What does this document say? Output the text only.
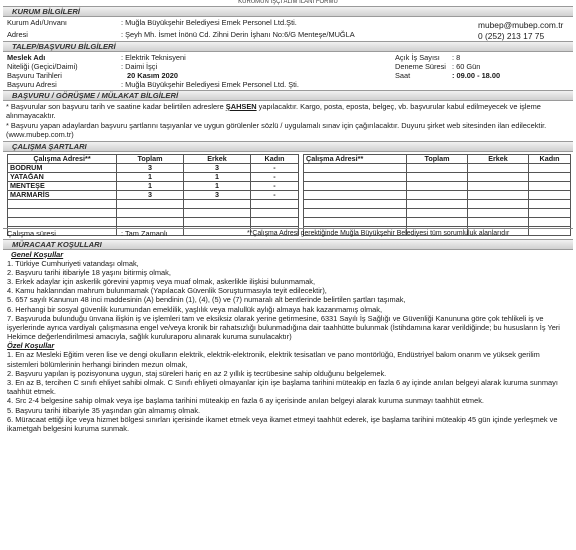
KURUMUN İŞÇİ ALIM İLANI FORMU
KURUM BİLGİLERİ
Kurum Adı/Unvanı	: Muğla Büyükşehir Belediyesi Emek Personel Ltd.Şti.
Adresi	: Şeyh Mh. İsmet İnönü Cd. Zihni Derin İşhanı No:6/G Menteşe/MUĞLA
mubep@mubep.com.tr
0 (252) 213 17 75
TALEP/BAŞVURU BİLGİLERİ
Meslek Adı	: Elektrik Teknisyeni	Açık İş Sayısı : 8
Niteliği (Geçici/Daimi)	: Daimi İşçi	Deneme Süresi : 60 Gün
Başvuru Tarihleri	20 Kasım 2020	Saat	: 09.00 - 18.00
Başvuru Adresi	: Muğla Büyükşehir Belediyesi Emek Personel Ltd. Şti.
BAŞVURU / GÖRÜŞME / MÜLAKAT BİLGİLERİ

* Başvurular son başvuru tarih ve saatine kadar belirtilen adreslere ŞAHSEN yapılacaktır. Kargo, posta, eposta, belgeç, vb. başvurular kabul edilmeyecek ve işleme alınmayacaktır.

* Başvuru yapan adaylardan başvuru şartlarını taşıyanlar ve uygun görülenler sözlü / uygulamalı sınav için çağırılacaktır. Duyuru şirket web sitesinden ilan edilecektir. (www.mubep.com.tr)

ÇALIŞMA ŞARTLARI
Çalışma Adresi**	Toplam	Erkek	Kadın
BODRUM	3	3	-
YATAĞAN	1	1	-
MENTEŞE	1	1	-
MARMARİS	3	3	-

Çalışma Adresi**	Toplam	Erkek	Kadın

Çalışma süresi	: Tam Zamanlı	**Çalışma Adresi gerektiğinde Muğla Büyükşehir Belediyesi tüm sorumluluk alanlarıdır
MÜRACAAT KOŞULLARI
Genel Koşullar
1. Türkiye Cumhuriyeti vatandaşı olmak,
2. Başvuru tarihi itibariyle 18 yaşını bitirmiş olmak,
3. Erkek adaylar için askerlik görevini yapmış veya muaf olmak, askerlikle ilişkisi bulunmamak,
4. Kamu haklarından mahrum bulunmamak (Yapılacak Güvenlik Soruşturmasıyla teyit edilecektir),
5. 657 sayılı Kanunun 48 inci maddesinin (A) bendinin (1), (4), (5) ve (7) numaralı alt bentlerinde belirtilen şartları taşımak,
6. Herhangi bir sosyal güvenlik kurumundan emeklilik, yaşlılık veya malullük aylığı almaya hak kazanmamış olmak,
7. Başvuruda bulunduğu ünvana ilişkin iş ve işlemleri tam ve eksiksiz olarak yerine getirmesine, 6331 Sayılı İş Sağlığı ve Güvenliği Kanununa göre çok tehlikeli iş ve işyerlerinde ayrıca vardiyalı çalışmasına engel ve/veya kronik bir rahatsızlığı bulunmadığına dair taahhütte bulunmak (İstihdamına karar verildiğinde; bu hususların İş Yeri Hekimce değerlendirilmesi amacıyla, sağlık kuruluraporu alınarak kuruma sunulacaktır)
Özel Koşullar
1. En az Mesleki Eğitim veren lise ve dengi okulların elektrik, elektrik-elektronik, elektrik tesisatları ve pano montörlüğü, Endüstriyel bakım onarım ve yüksek gerilim sistemleri bölümlerinin herhangi birinden mezun olmak,
2. Başvuru yapılan iş pozisyonuna uygun, staj süreleri hariç en az 2 yıllık iş tecrübesine sahip olduğunu belgelemek.
3. En az B, tercihen C sınıfı ehliyet sahibi olmak. C Sınıfı ehliyeti olmayanlar için işe başlama tarihini müteakip en fazla 6 ay içinde anılan belgeyi alarak kuruma sunmayı taahhüt etmek.
4. Src 2-4 belgesine sahip olmak veya işe başlama tarihini müteakip en fazla 6 ay içerisinde anılan belgeyi alarak kuruma sunmayı taahhüt etmek.
5. Başvuru tarihi itibariyle 35 yaşından gün almamış olmak.
6. Müracaat ettiği ilçe veya hizmet bölgesi sınırları içerisinde ikamet etmek veya ikamet etmeyi taahhüt ederek, işe başlama tarihini müteakip 45 gün içinde yerleşmek ve ikametgah belgesini kuruma sunmak.
